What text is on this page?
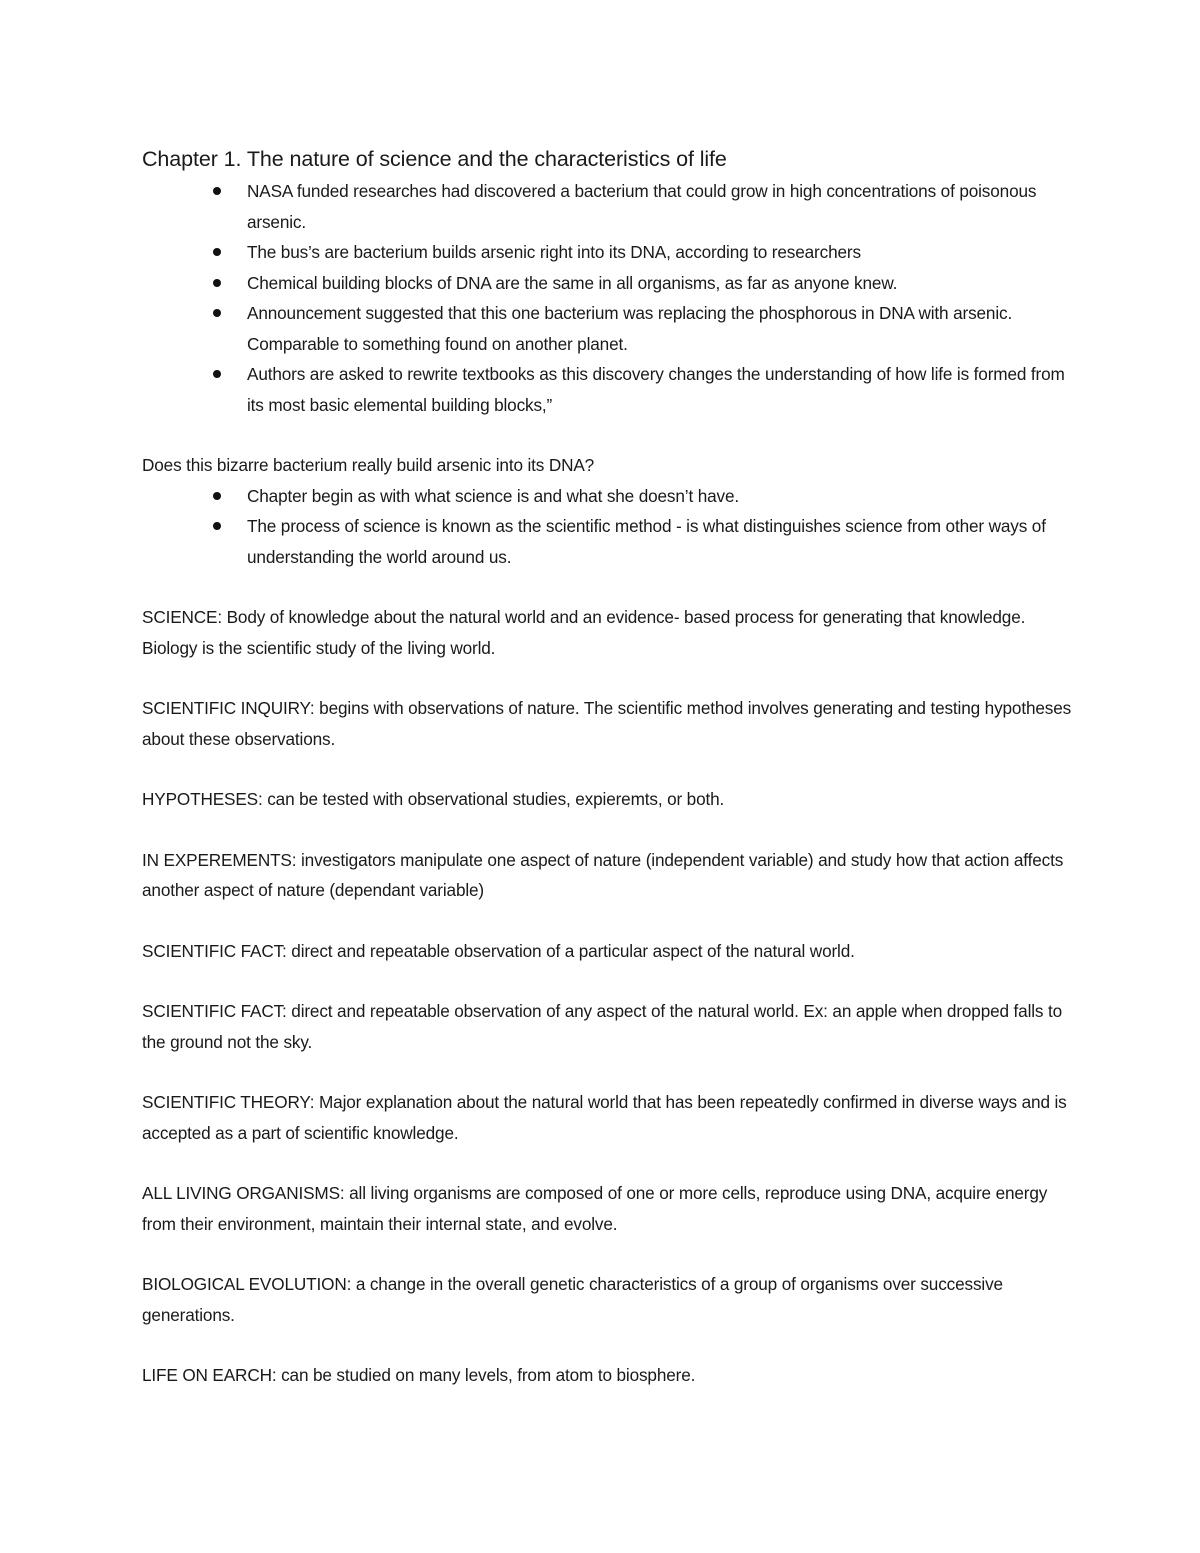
Chapter 1. The nature of science and the characteristics of life
NASA funded researches had discovered a bacterium that could grow in high concentrations of poisonous arsenic.
The bus’s are bacterium builds arsenic right into its DNA, according to researchers
Chemical building blocks of DNA are the same in all organisms, as far as anyone knew.
Announcement suggested that this one bacterium was replacing the phosphorous in DNA with arsenic. Comparable to something found on another planet.
Authors are asked to rewrite textbooks as this discovery changes the understanding of how life is formed from its most basic elemental building blocks,”
Does this bizarre bacterium really build arsenic into its DNA?
Chapter begin as with what science is and what she doesn’t have.
The process of science is known as the scientific method - is what distinguishes science from other ways of understanding the world around us.

SCIENCE: Body of knowledge about the natural world and an evidence- based process for generating that knowledge. Biology is the scientific study of the living world.

SCIENTIFIC INQUIRY: begins with observations of nature. The scientific method involves generating and testing hypotheses about these observations.

HYPOTHESES: can be tested with observational studies, expieremts, or both.

IN EXPEREMENTS: investigators manipulate one aspect of nature (independent variable) and study how that action affects another aspect of nature (dependant variable)

SCIENTIFIC FACT: direct and repeatable observation of a particular aspect of the natural world.

SCIENTIFIC FACT: direct and repeatable observation of any aspect of the natural world. Ex: an apple when dropped falls to the ground not the sky.

SCIENTIFIC THEORY: Major explanation about the natural world that has been repeatedly confirmed in diverse ways and is accepted as a part of scientific knowledge.

ALL LIVING ORGANISMS: all living organisms are composed of one or more cells, reproduce using DNA, acquire energy from their environment, maintain their internal state, and evolve.

BIOLOGICAL EVOLUTION: a change in the overall genetic characteristics of a group of organisms over successive generations.

LIFE ON EARCH: can be studied on many levels, from atom to biosphere.
